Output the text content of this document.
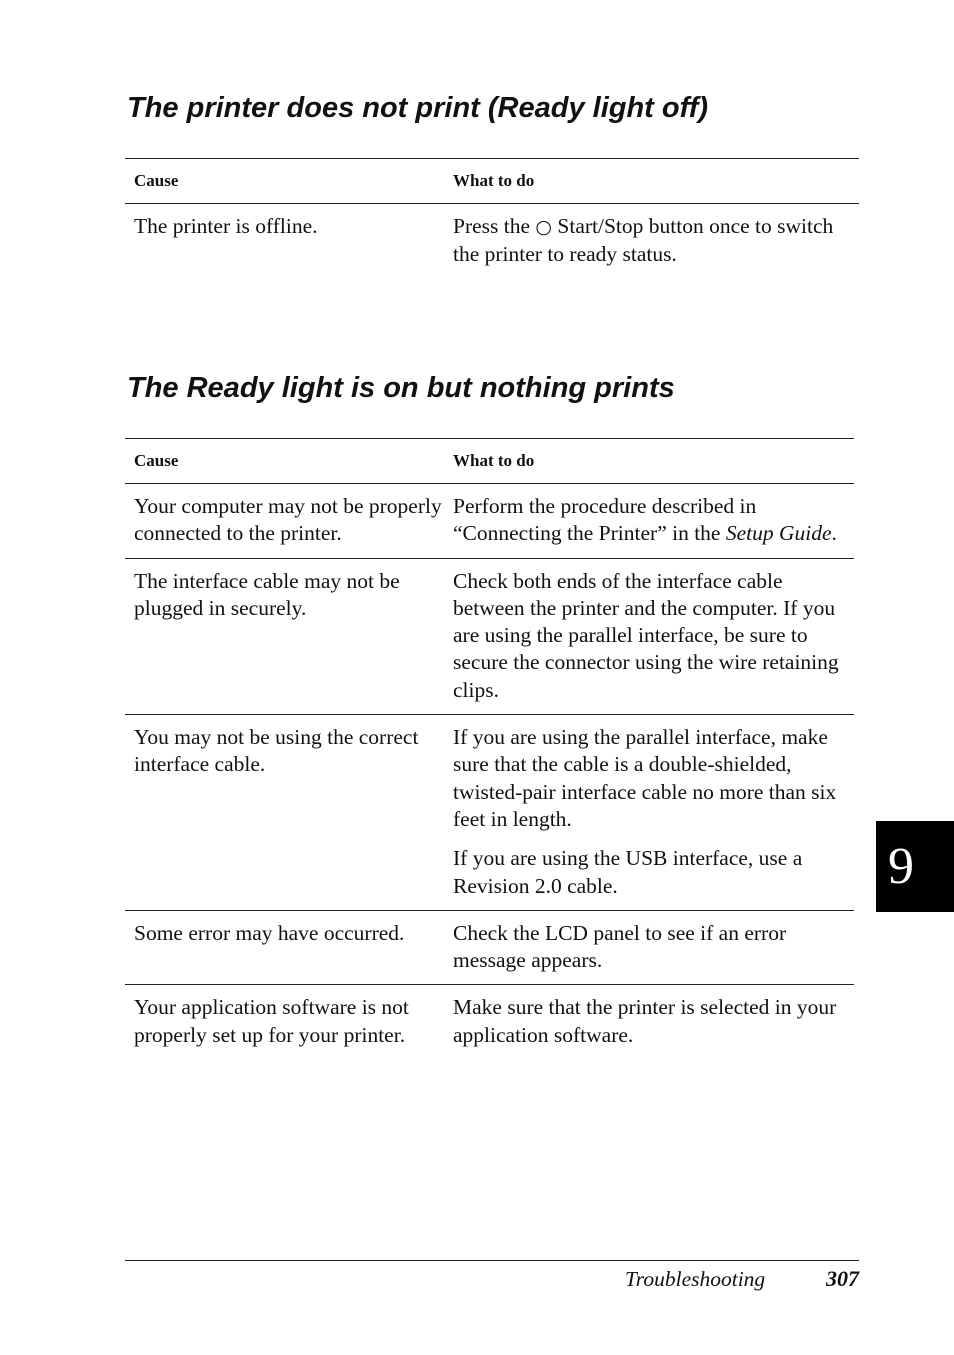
The printer does not print (Ready light off)
Cause	What to do
The printer is offline.	Press the ○ Start/Stop button once to switch the printer to ready status.
The Ready light is on but nothing prints
Cause	What to do
Your computer may not be properly connected to the printer.	Perform the procedure described in “Connecting the Printer” in the Setup Guide.
The interface cable may not be plugged in securely.	Check both ends of the interface cable between the printer and the computer. If you are using the parallel interface, be sure to secure the connector using the wire retaining clips.
You may not be using the correct interface cable.	If you are using the parallel interface, make sure that the cable is a double-shielded, twisted-pair interface cable no more than six feet in length.

If you are using the USB interface, use a Revision 2.0 cable.

Some error may have occurred.	Check the LCD panel to see if an error message appears.
Your application software is not properly set up for your printer.	Make sure that the printer is selected in your application software.
9
Troubleshooting	307
